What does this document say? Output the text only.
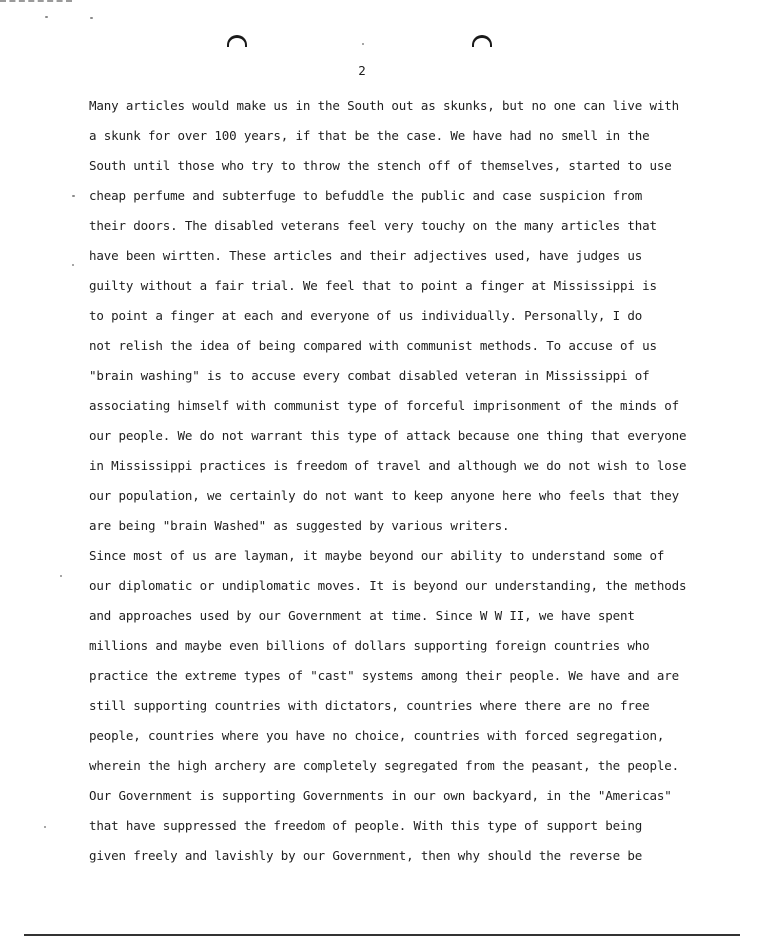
2
Many articles would make us in the South out as skunks, but no one can live with
a skunk for over 100 years, if that be the case. We have had no smell in the
South until those who try to throw the stench off of themselves, started to use
cheap perfume and subterfuge to befuddle the public and case suspicion from
their doors. The disabled veterans feel very touchy on the many articles that
have been wirtten. These articles and their adjectives used, have judges us
guilty without a fair trial. We feel that to point a finger at Mississippi is
to point a finger at each and everyone of us individually. Personally, I do
not relish the idea of being compared with communist methods. To accuse of us
"brain washing" is to accuse every combat disabled veteran in Mississippi of
associating himself with communist type of forceful imprisonment of the minds of
our people. We do not warrant this type of attack because one thing that everyone
in Mississippi practices is freedom of travel and although we do not wish to lose
our population, we certainly do not want to keep anyone here who feels that they
are being "brain Washed" as suggested by various writers.
Since most of us are layman, it maybe beyond our ability to understand some of
our diplomatic or undiplomatic moves. It is beyond our understanding, the methods
and approaches used by our Government at time. Since W W II, we have spent
millions and maybe even billions of dollars supporting foreign countries who
practice the extreme types of "cast" systems among their people. We have and are
still supporting countries with dictators, countries where there are no free
people, countries where you have no choice, countries with forced segregation,
wherein the high archery are completely segregated from the peasant, the people.
Our Government is supporting Governments in our own backyard, in the "Americas"
that have suppressed the freedom of people. With this type of support being
given freely and lavishly by our Government, then why should the reverse be
